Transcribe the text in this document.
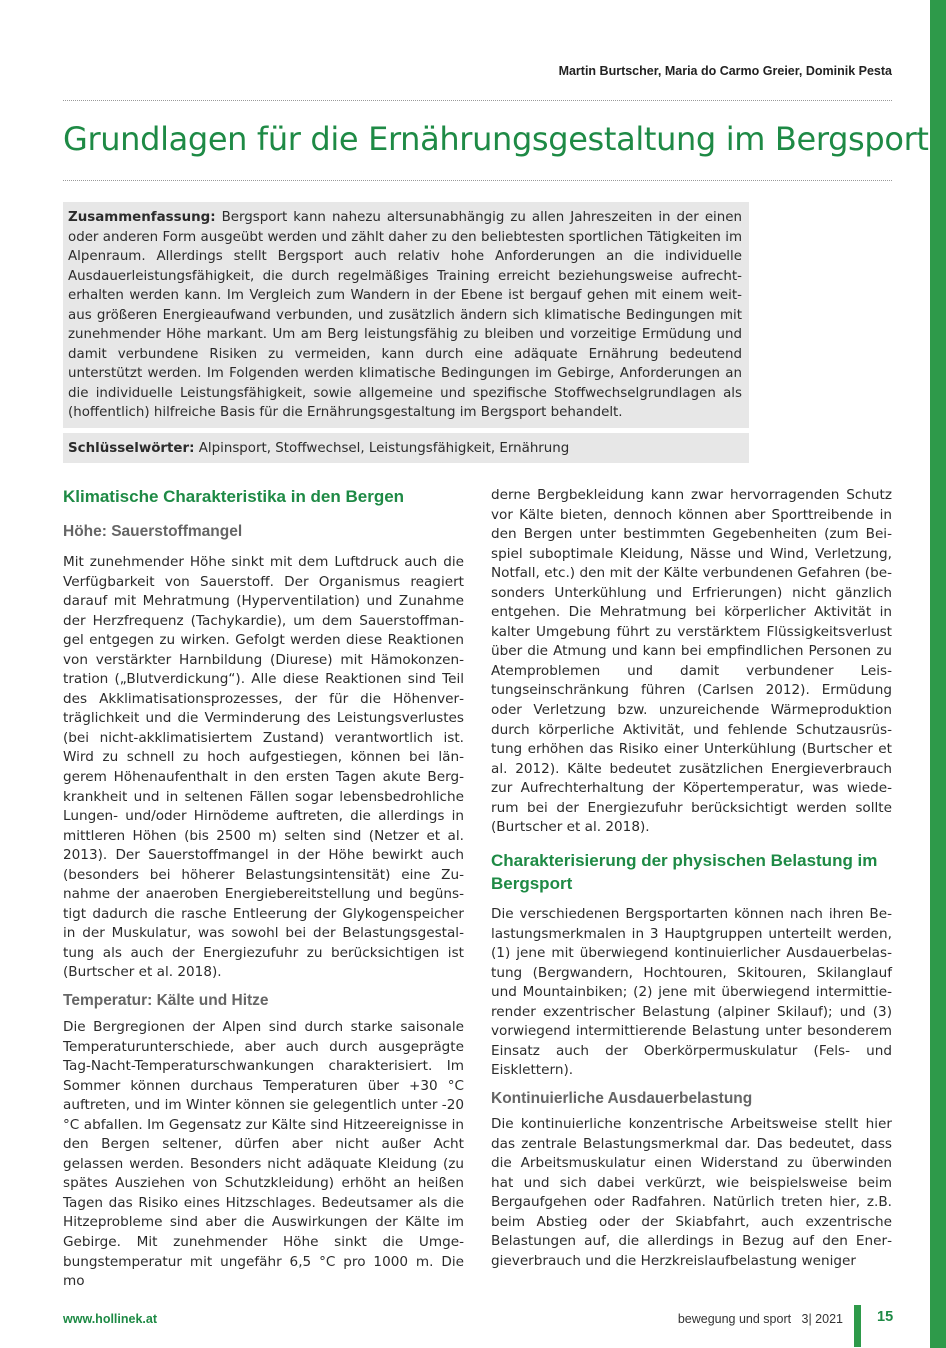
Martin Burtscher, Maria do Carmo Greier, Dominik Pesta
Grundlagen für die Ernährungsgestaltung im Bergsport
Zusammenfassung: Bergsport kann nahezu altersunabhängig zu allen Jahreszeiten in der einen oder anderen Form ausgeübt werden und zählt daher zu den beliebtesten sportlichen Tätigkeiten im Alpenraum. Allerdings stellt Bergsport auch relativ hohe Anforderungen an die individuelle Ausdauerleistungsfähigkeit, die durch regelmäßiges Training erreicht beziehungsweise aufrechterhalten werden kann. Im Vergleich zum Wandern in der Ebene ist bergauf gehen mit einem weitaus größeren Energieaufwand verbunden, und zusätzlich ändern sich klimatische Bedingungen mit zunehmender Höhe markant. Um am Berg leistungsfähig zu bleiben und vorzeitige Ermüdung und damit verbundene Risiken zu vermeiden, kann durch eine adäquate Ernährung bedeutend unterstützt werden. Im Folgenden werden klimatische Bedingungen im Gebirge, Anforderungen an die individuelle Leistungsfähigkeit, sowie allgemeine und spezifische Stoffwechselgrundlagen als (hoffentlich) hilfreiche Basis für die Ernährungsgestaltung im Bergsport behandelt.
Schlüsselwörter: Alpinsport, Stoffwechsel, Leistungsfähigkeit, Ernährung
Klimatische Charakteristika in den Bergen
Höhe: Sauerstoffmangel

Mit zunehmender Höhe sinkt mit dem Luftdruck auch die Verfügbarkeit von Sauerstoff. Der Organismus reagiert darauf mit Mehratmung (Hyperventilation) und Zunahme der Herzfrequenz (Tachykardie), um dem Sauerstoffmangel entgegen zu wirken. Gefolgt werden diese Reaktionen von verstärkter Harnbildung (Diurese) mit Hämokonzentration („Blutverdickung“). Alle diese Reaktionen sind Teil des Akklimatisationsprozesses, der für die Höhenverträglichkeit und die Verminderung des Leistungsverlustes (bei nicht-akklimatisiertem Zustand) verantwortlich ist. Wird zu schnell zu hoch aufgestiegen, können bei längerem Höhenaufenthalt in den ersten Tagen akute Bergkrankheit und in seltenen Fällen sogar lebensbedrohliche Lungen- und/oder Hirnödeme auftreten, die allerdings in mittleren Höhen (bis 2500 m) selten sind (Netzer et al. 2013). Der Sauerstoffmangel in der Höhe bewirkt auch (besonders bei höherer Belastungsintensität) eine Zunahme der anaeroben Energiebereitstellung und begünstigt dadurch die rasche Entleerung der Glykogenspeicher in der Muskulatur, was sowohl bei der Belastungsgestaltung als auch der Energiezufuhr zu berücksichtigen ist (Burtscher et al. 2018).

Temperatur: Kälte und Hitze

Die Bergregionen der Alpen sind durch starke saisonale Temperaturunterschiede, aber auch durch ausgeprägte Tag-Nacht-Temperaturschwankungen charakterisiert. Im Sommer können durchaus Temperaturen über +30 °C auftreten, und im Winter können sie gelegentlich unter -20 °C abfallen. Im Gegensatz zur Kälte sind Hitzeereignisse in den Bergen seltener, dürfen aber nicht außer Acht gelassen werden. Besonders nicht adäquate Kleidung (zu spätes Ausziehen von Schutzkleidung) erhöht an heißen Tagen das Risiko eines Hitzschlages. Bedeutsamer als die Hitzeprobleme sind aber die Auswirkungen der Kälte im Gebirge. Mit zunehmender Höhe sinkt die Umgebungstemperatur mit ungefähr 6,5 °C pro 1000 m. Die mo

derne Bergbekleidung kann zwar hervorragenden Schutz vor Kälte bieten, dennoch können aber Sporttreibende in den Bergen unter bestimmten Gegebenheiten (zum Beispiel suboptimale Kleidung, Nässe und Wind, Verletzung, Notfall, etc.) den mit der Kälte verbundenen Gefahren (besonders Unterkühlung und Erfrierungen) nicht gänzlich entgehen. Die Mehratmung bei körperlicher Aktivität in kalter Umgebung führt zu verstärktem Flüssigkeitsverlust über die Atmung und kann bei empfindlichen Personen zu Atemproblemen und damit verbundener Leistungseinschränkung führen (Carlsen 2012). Ermüdung oder Verletzung bzw. unzureichende Wärmeproduktion durch körperliche Aktivität, und fehlende Schutzausrüstung erhöhen das Risiko einer Unterkühlung (Burtscher et al. 2012). Kälte bedeutet zusätzlichen Energieverbrauch zur Aufrechterhaltung der Köpertemperatur, was wiederum bei der Energiezufuhr berücksichtigt werden sollte (Burtscher et al. 2018).

Charakterisierung der physischen Belastung im Bergsport

Die verschiedenen Bergsportarten können nach ihren Belastungsmerkmalen in 3 Hauptgruppen unterteilt werden, (1) jene mit überwiegend kontinuierlicher Ausdauerbelastung (Bergwandern, Hochtouren, Skitouren, Skilanglauf und Mountainbiken; (2) jene mit überwiegend intermittierender exzentrischer Belastung (alpiner Skilauf); und (3) vorwiegend intermittierende Belastung unter besonderem Einsatz auch der Oberkörpermuskulatur (Fels- und Eisklettern).

Kontinuierliche Ausdauerbelastung

Die kontinuierliche konzentrische Arbeitsweise stellt hier das zentrale Belastungsmerkmal dar. Das bedeutet, dass die Arbeitsmuskulatur einen Widerstand zu überwinden hat und sich dabei verkürzt, wie beispielsweise beim Bergaufgehen oder Radfahren. Natürlich treten hier, z.B. beim Abstieg oder der Skiabfahrt, auch exzentrische Belastungen auf, die allerdings in Bezug auf den Energieverbrauch und die Herzkreislaufbelastung weniger

www.hollinek.at	bewegung und sport   3| 2021 15
